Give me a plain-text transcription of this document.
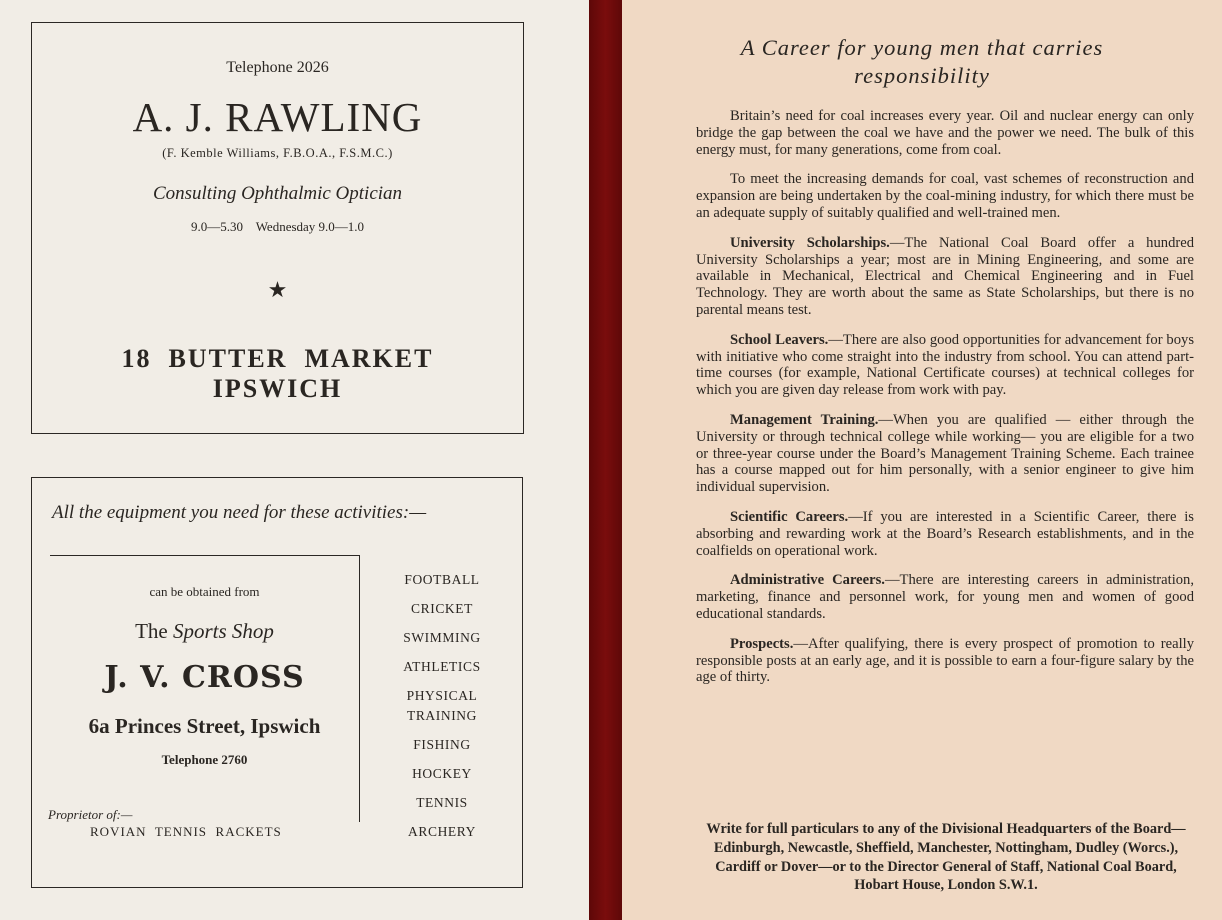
Telephone 2026
A. J. RAWLING
(F. Kemble Williams, F.B.O.A., F.S.M.C.)
Consulting Ophthalmic Optician
9.0—5.30    Wednesday 9.0—1.0
★
18  BUTTER  MARKET
IPSWICH
All the equipment you need for these activities:—
can be obtained from
The Sports Shop
J. V. CROSS
6a Princes Street, Ipswich
Telephone 2760
Proprietor of:—
ROVIAN  TENNIS  RACKETS
FOOTBALL
CRICKET
SWIMMING
ATHLETICS
PHYSICAL TRAINING
FISHING
HOCKEY
TENNIS
ARCHERY
A Career for young men that carries
responsibility

Britain’s need for coal increases every year. Oil and nuclear energy can only bridge the gap between the coal we have and the power we need. The bulk of this energy must, for many generations, come from coal.

To meet the increasing demands for coal, vast schemes of reconstruction and expansion are being undertaken by the coal-mining industry, for which there must be an adequate supply of suitably qualified and well-trained men.

University Scholarships.—The National Coal Board offer a hundred University Scholarships a year; most are in Mining Engineering, and some are available in Mechanical, Electrical and Chemical Engineering and in Fuel Technology. They are worth about the same as State Scholarships, but there is no parental means test.

School Leavers.—There are also good opportunities for advancement for boys with initiative who come straight into the industry from school. You can attend part-time courses (for example, National Certificate courses) at technical colleges for which you are given day release from work with pay.

Management Training.—When you are qualified — either through the University or through technical college while working— you are eligible for a two or three-year course under the Board’s Management Training Scheme. Each trainee has a course mapped out for him personally, with a senior engineer to give him individual supervision.

Scientific Careers.—If you are interested in a Scientific Career, there is absorbing and rewarding work at the Board’s Research establishments, and in the coalfields on operational work.

Administrative Careers.—There are interesting careers in administration, marketing, finance and personnel work, for young men and women of good educational standards.

Prospects.—After qualifying, there is every prospect of promotion to really responsible posts at an early age, and it is possible to earn a four-figure salary by the age of thirty.

Write for full particulars to any of the Divisional Headquarters of the Board—Edinburgh, Newcastle, Sheffield, Manchester, Nottingham, Dudley (Worcs.), Cardiff or Dover—or to the Director General of Staff, National Coal Board, Hobart House, London S.W.1.
